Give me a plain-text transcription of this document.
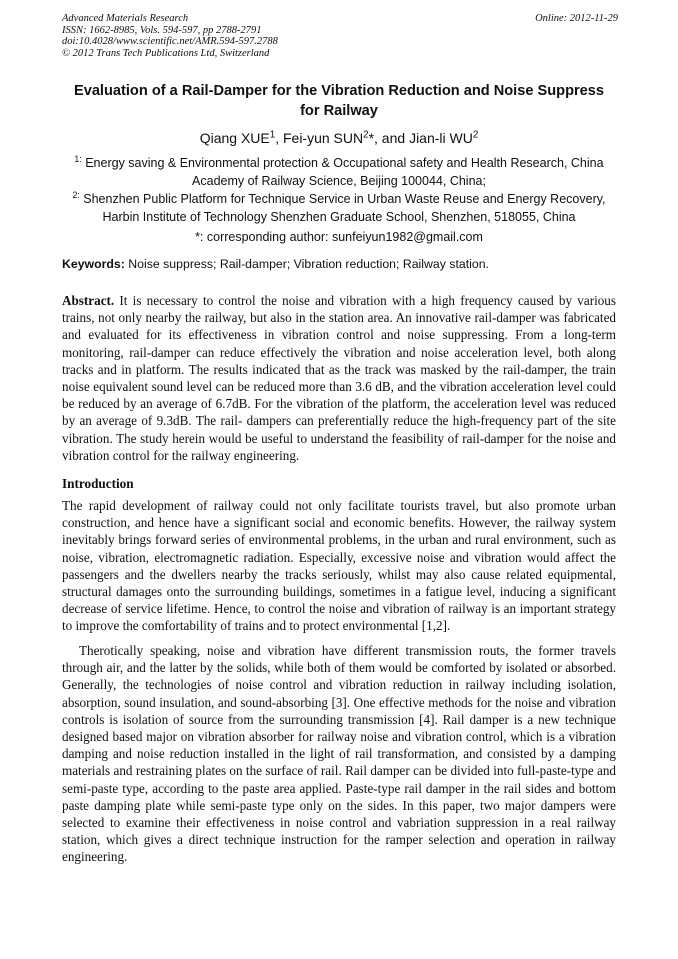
Advanced Materials Research
ISSN: 1662-8985, Vols. 594-597, pp 2788-2791
doi:10.4028/www.scientific.net/AMR.594-597.2788
© 2012 Trans Tech Publications Ltd, Switzerland
Online: 2012-11-29
Evaluation of a Rail-Damper for the Vibration Reduction and Noise Suppress for Railway
Qiang XUE$^1$, Fei-yun SUN$^2$*, and Jian-li $WU^2$
$^{1:}$ Energy saving & Environmental protection & Occupational safety and Health Research, China Academy of Railway Science, Beijing 100044, China;
$^{2:}$ Shenzhen Public Platform for Technique Service in Urban Waste Reuse and Energy Recovery, Harbin Institute of Technology Shenzhen Graduate School, Shenzhen, 518055, China
*: corresponding author: sunfeiyun1982@gmail.com
Keywords: Noise suppress; Rail-damper; Vibration reduction; Railway station.

Abstract. It is necessary to control the noise and vibration with a high frequency caused by various trains, not only nearby the railway, but also in the station area. An innovative rail-damper was fabricated and evaluated for its effectiveness in vibration control and noise suppressing. From a long-term monitoring, rail-damper can reduce effectively the vibration and noise acceleration level, both along tracks and in platform. The results indicated that as the track was masked by the rail-damper, the train noise equivalent sound level can be reduced more than 3.6 dB, and the vibration acceleration level could be reduced by an average of 6.7dB. For the vibration of the platform, the acceleration level was reduced by an average of 9.3dB. The rail- dampers can preferentially reduce the high-frequency part of the site vibration. The study herein would be useful to understand the feasibility of rail-damper for the noise and vibration control for the railway engineering.

Introduction

The rapid development of railway could not only facilitate tourists travel, but also promote urban construction, and hence have a significant social and economic benefits. However, the railway system inevitably brings forward series of environmental problems, in the urban and rural environment, such as noise, vibration, electromagnetic radiation. Especially, excessive noise and vibration would affect the passengers and the dwellers nearby the tracks seriously, whilst may also cause related equipmental, structural damages onto the surrounding buildings, sometimes in a fatigue level, inducing a significant decrease of service lifetime. Hence, to control the noise and vibration of railway is an important strategy to improve the comfortability of trains and to protect environmental [1,2].

Therotically speaking, noise and vibration have different transmission routs, the former travels through air, and the latter by the solids, while both of them would be comforted by isolated or absorbed. Generally, the technologies of noise control and vibration reduction in railway including isolation, absorption, sound insulation, and sound-absorbing [3]. One effective methods for the noise and vibration controls is isolation of source from the surrounding transmission [4]. Rail damper is a new technique designed based major on vibration absorber for railway noise and vibration control, which is a vibration damping and noise reduction installed in the light of rail transformation, and consisted by a damping materials and restraining plates on the surface of rail. Rail damper can be divided into full-paste-type and semi-paste type, according to the paste area applied. Paste-type rail damper in the rail sides and bottom paste damping plate while semi-paste type only on the sides. In this paper, two major dampers were selected to examine their effectiveness in noise control and vabriation suppression in a real railway station, which gives a direct technique instruction for the ramper selection and operation in railway engineering.
